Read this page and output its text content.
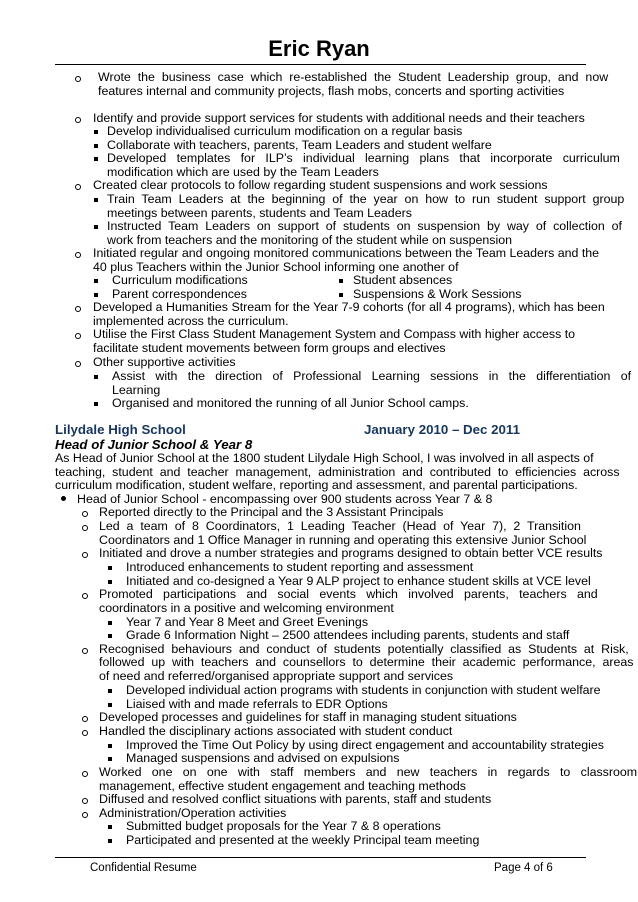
Eric Ryan
Wrote  the  business  case  which  re-established  the  Student  Leadership  group,  and  now
features internal and community projects, flash mobs, concerts and sporting activities
Identify and provide support services for students with additional needs and their teachers
Develop individualised curriculum modification on a regular basis
Collaborate with teachers, parents, Team Leaders and student welfare
Developed   templates   for   ILP’s   individual   learning   plans   that   incorporate   curriculum
modification which are used by the Team Leaders
Created clear protocols to follow regarding student suspensions and work sessions
Train  Team  Leaders  at  the  beginning  of  the  year  on  how  to  run  student  support  group
meetings between parents, students and Team Leaders
Instructed  Team  Leaders  on  support  of  students  on  suspension  by  way  of  collection  of
work from teachers and the monitoring of the student while on suspension
Initiated regular and ongoing monitored communications between the Team Leaders and the
40 plus Teachers within the Junior School informing one another of
Curriculum modifications	Student absences
Parent correspondences	Suspensions & Work Sessions
Developed a Humanities Stream for the Year 7-9 cohorts (for all 4 programs), which has been
implemented across the curriculum.
Utilise the First Class Student Management System and Compass with higher access to
facilitate student movements between form groups and electives
Other supportive activities
Assist   with   the   direction   of   Professional   Learning   sessions   in   the   differentiation   of
Learning
Organised and monitored the running of all Junior School camps.
Lilydale High School	January 2010 – Dec 2011
Head of Junior School & Year 8
As Head of Junior School at the 1800 student Lilydale High School, I was involved in all aspects of
teaching,  student  and  teacher  management,  administration  and  contributed  to  efficiencies  across
curriculum modification, student welfare, reporting and assessment, and parental participations.
Head of Junior School - encompassing over 900 students across Year 7 & 8
Reported directly to the Principal and the 3 Assistant Principals
Led  a  team  of  8  Coordinators,  1  Leading  Teacher  (Head  of  Year  7),  2  Transition
Coordinators and 1 Office Manager in running and operating this extensive Junior School
Initiated and drove a number strategies and programs designed to obtain better VCE results
Introduced enhancements to student reporting and assessment
Initiated and co-designed a Year 9 ALP project to enhance student skills at VCE level
Promoted   participations   and   social   events   which   involved   parents,   teachers   and
coordinators in a positive and welcoming environment
Year 7 and Year 8 Meet and Greet Evenings
Grade 6 Information Night – 2500 attendees including parents, students and staff
Recognised  behaviours  and  conduct  of  students  potentially  classified  as  Students  at  Risk,
followed  up  with  teachers  and  counsellors  to  determine  their  academic  performance,  areas
of need and referred/organised appropriate support and services
Developed individual action programs with students in conjunction with student welfare
Liaised with and made referrals to EDR Options
Developed processes and guidelines for staff in managing student situations
Handled the disciplinary actions associated with student conduct
Improved the Time Out Policy by using direct engagement and accountability strategies
Managed suspensions and advised on expulsions
Worked   one   on   one   with   staff   members   and   new   teachers   in   regards   to   classroom
management, effective student engagement and teaching methods
Diffused and resolved conflict situations with parents, staff and students
Administration/Operation activities
Submitted budget proposals for the Year 7 & 8 operations
Participated and presented at the weekly Principal team meeting
Confidential Resume	Page 4 of 6
